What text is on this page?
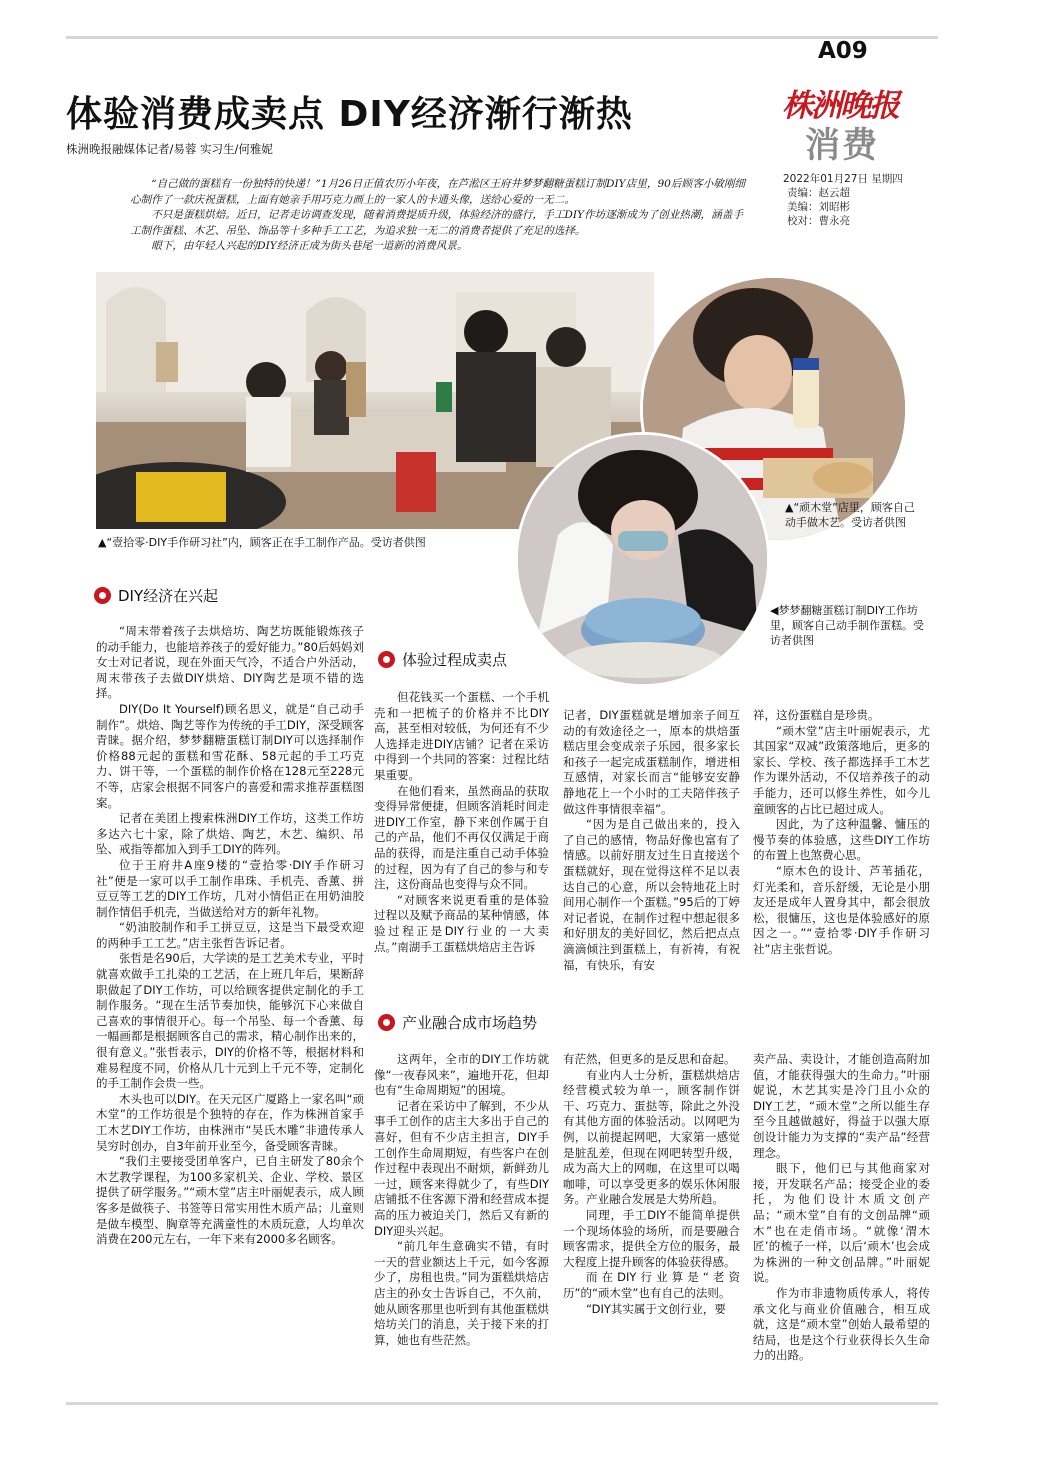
A09
株洲晚报
消费
2022年01月27日 星期四
责编：赵云超
美编：刘昭彬
校对：曹永亮
体验消费成卖点 DIY经济渐行渐热
株洲晚报融媒体记者/易蓉 实习生/何雅妮

“自己做的蛋糕有一份独特的快递！”1月26日正值农历小年夜，在芦淞区王府井梦梦翻糖蛋糕订制DIY店里，90后顾客小敏刚细心制作了一款庆祝蛋糕，上面有她亲手用巧克力画上的一家人的卡通头像，送给心爱的一无二。

不只是蛋糕烘焙。近日，记者走访调查发现，随着消费提质升级，体验经济的盛行，手工DIY作坊逐渐成为了创业热潮，涵盖手工制作蛋糕、木艺、吊坠、饰品等十多种手工工艺，为追求独一无二的消费者提供了充足的选择。

眼下，由年轻人兴起的DIY经济正成为街头巷尾一道新的消费风景。

▲“壹拾零·DIY手作研习社”内，顾客正在手工制作产品。受访者供图
▲“顽木堂”店里，顾客自己动手做木艺。受访者供图
◀梦梦翻糖蛋糕订制DIY工作坊里，顾客自己动手制作蛋糕。受访者供图
DIY经济在兴起

“周末带着孩子去烘焙坊、陶艺坊既能锻炼孩子的动手能力，也能培养孩子的爱好能力。”80后妈妈刘女士对记者说，现在外面天气冷，不适合户外活动，周末带孩子去做DIY烘焙、DIY陶艺是项不错的选择。

DIY(Do It Yourself)顾名思义，就是“自己动手制作”。烘焙、陶艺等作为传统的手工DIY，深受顾客青睐。据介绍，梦梦翻糖蛋糕订制DIY可以选择制作价格88元起的蛋糕和雪花酥、58元起的手工巧克力、饼干等，一个蛋糕的制作价格在128元至228元不等，店家会根据不同客户的喜爱和需求推荐蛋糕图案。

记者在美团上搜索株洲DIY工作坊，这类工作坊多达六七十家，除了烘焙、陶艺，木艺、编织、吊坠、戒指等都加入到手工DIY的阵列。

位于王府井A座9楼的“壹拾零·DIY手作研习社”便是一家可以手工制作串珠、手机壳、香薰、拼豆豆等工艺的DIY工作坊，几对小情侣正在用奶油胶制作情侣手机壳，当做送给对方的新年礼物。

“奶油胶制作和手工拼豆豆，这是当下最受欢迎的两种手工工艺。”店主张哲告诉记者。

张哲是名90后，大学读的是工艺美术专业，平时就喜欢做手工扎染的工艺活，在上班几年后，果断辞职做起了DIY工作坊，可以给顾客提供定制化的手工制作服务。“现在生活节奏加快，能够沉下心来做自己喜欢的事情很开心。每一个吊坠、每一个香薰、每一幅画都是根据顾客自己的需求，精心制作出来的，很有意义。”张哲表示，DIY的价格不等，根据材料和难易程度不同，价格从几十元到上千元不等，定制化的手工制作会贵一些。

木头也可以DIY。在天元区广厦路上一家名叫“顽木堂”的工作坊很是个独特的存在，作为株洲首家手工木艺DIY工作坊，由株洲市“吴氏木雕”非遗传承人吴穷时创办，自3年前开业至今，备受顾客青睐。

“我们主要接受团单客户，已自主研发了80余个木艺教学课程，为100多家机关、企业、学校、景区提供了研学服务。”“顽木堂”店主叶丽妮表示，成人顾客多是做筷子、书签等日常实用性木质产品；儿童则是做车模型、胸章等充满童性的木质玩意，人均单次消费在200元左右，一年下来有2000多名顾客。

体验过程成卖点

但花钱买一个蛋糕、一个手机壳和一把梳子的价格并不比DIY高，甚至相对较低，为何还有不少人选择走进DIY店铺？记者在采访中得到一个共同的答案：过程比结果重要。

在他们看来，虽然商品的获取变得异常便捷，但顾客消耗时间走进DIY工作室，静下来创作属于自己的产品，他们不再仅仅满足于商品的获得，而是注重自己动手体验的过程，因为有了自己的参与和专注，这份商品也变得与众不同。

“对顾客来说更看重的是体验过程以及赋予商品的某种情感，体验过程正是DIY行业的一大卖点。”南湖手工蛋糕烘焙店主告诉

记者，DIY蛋糕就是增加亲子间互动的有效途径之一，原本的烘焙蛋糕店里会变成亲子乐园，很多家长和孩子一起完成蛋糕制作，增进相互感情，对家长而言“能够安安静静地花上一个小时的工夫陪伴孩子做这件事情很幸福”。

“因为是自己做出来的，投入了自己的感情，物品好像也富有了情感。以前好朋友过生日直接送个蛋糕就好，现在觉得这样不足以表达自己的心意，所以会特地花上时间用心制作一个蛋糕。”95后的丁婷对记者说，在制作过程中想起很多和好朋友的美好回忆，然后把点点滴滴倾注到蛋糕上，有祈祷，有祝福，有快乐，有安

祥，这份蛋糕自是珍贵。

“顽木堂”店主叶丽妮表示，尤其国家“双减”政策落地后，更多的家长、学校、孩子都选择手工木艺作为课外活动，不仅培养孩子的动手能力，还可以修生养性，如今儿童顾客的占比已超过成人。

因此，为了这种温馨、慵压的慢节奏的体验感，这些DIY工作坊的布置上也煞费心思。

“原木色的设计、芦苇插花，灯光柔和，音乐舒缓，无论是小朋友还是成年人置身其中，都会很放松，很慵压，这也是体验感好的原因之一。”“壹拾零·DIY手作研习社”店主张哲说。

产业融合成市场趋势

这两年，全市的DIY工作坊就像“一夜春风来”，遍地开花，但却也有“生命周期短”的困境。

记者在采访中了解到，不少从事手工创作的店主大多出于自己的喜好，但有不少店主担言，DIY手工创作生命周期短，有些客户在创作过程中表现出不耐烦，新鲜劲儿一过，顾客来得就少了，有些DIY店铺抵不住客源下滑和经营成本提高的压力被迫关门，然后又有新的DIY迎头兴起。

“前几年生意确实不错，有时一天的营业额达上千元，如今客源少了，房租也贵。”同为蛋糕烘焙店店主的孙女士告诉自己，不久前，她从顾客那里也听到有其他蛋糕烘焙坊关门的消息，关于接下来的打算，她也有些茫然。

有茫然，但更多的是反思和奋起。

有业内人士分析，蛋糕烘焙店经营模式较为单一，顾客制作饼干、巧克力、蛋挞等，除此之外没有其他方面的体验活动。以网吧为例，以前提起网吧，大家第一感觉是脏乱差，但现在网吧转型升级，成为高大上的网咖，在这里可以喝咖啡，可以享受更多的娱乐休闲服务。产业融合发展是大势所趋。

同理，手工DIY不能简单提供一个现场体验的场所，而是要融合顾客需求，提供全方位的服务，最大程度上提升顾客的体验获得感。

而在DIY行业算是“老资历”的“顽木堂”也有自己的法则。

“DIY其实属于文创行业，要

卖产品、卖设计，才能创造高附加值，才能获得强大的生命力。”叶丽妮说，木艺其实是冷门且小众的DIY工艺，“顽木堂”之所以能生存至今且越做越好，得益于以强大原创设计能力为支撑的“卖产品”经营理念。

眼下，他们已与其他商家对接，开发联名产品；接受企业的委托，为他们设计木质文创产品；“顽木堂”自有的文创品牌“顽木”也在走俏市场。“就像‘渭木匠’的梳子一样，以后‘顽木’也会成为株洲的一种文创品牌。”叶丽妮说。

作为市非遗物质传承人，将传承文化与商业价值融合，相互成就，这是“顽木堂”创始人最希望的结局，也是这个行业获得长久生命力的出路。
